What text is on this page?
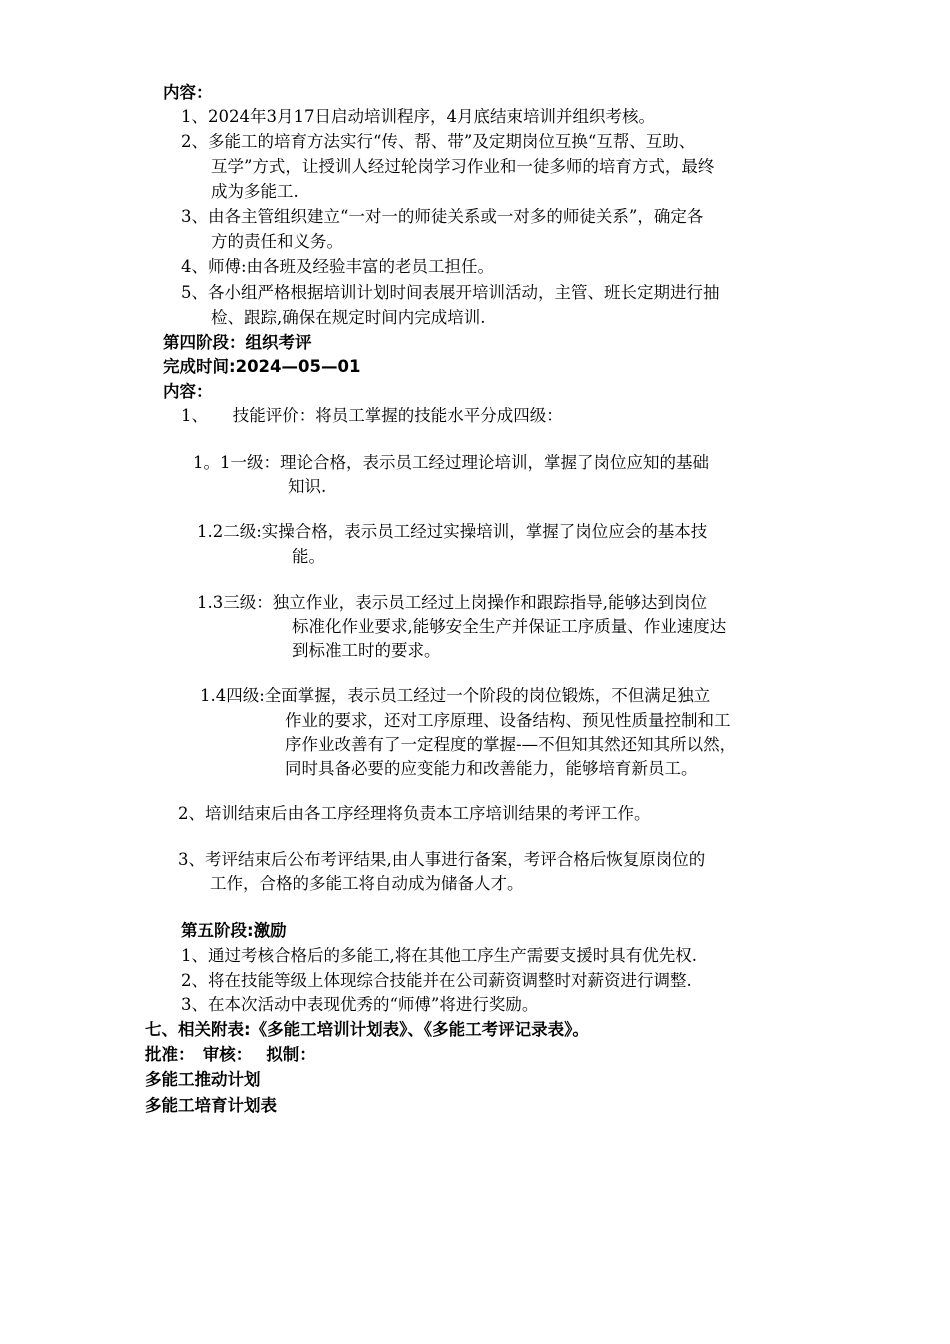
内容：
1、2024年3月17日启动培训程序，4月底结束培训并组织考核。
2、多能工的培育方法实行“传、帮、带”及定期岗位互换“互帮、互助、
互学”方式，让授训人经过轮岗学习作业和一徒多师的培育方式，最终
成为多能工.
3、由各主管组织建立“一对一的师徒关系或一对多的师徒关系”，确定各
方的责任和义务。
4、师傅:由各班及经验丰富的老员工担任。
5、各小组严格根据培训计划时间表展开培训活动，主管、班长定期进行抽
检、跟踪,确保在规定时间内完成培训.
第四阶段：组织考评
完成时间:2024—05—01
内容：
1、　　技能评价：将员工掌握的技能水平分成四级：
1。1一级：理论合格，表示员工经过理论培训，掌握了岗位应知的基础
知识.
1.2二级:实操合格，表示员工经过实操培训，掌握了岗位应会的基本技
能。
1.3三级：独立作业，表示员工经过上岗操作和跟踪指导,能够达到岗位
标准化作业要求,能够安全生产并保证工序质量、作业速度达
到标准工时的要求。
1.4四级:全面掌握，表示员工经过一个阶段的岗位锻炼，不但满足独立
作业的要求，还对工序原理、设备结构、预见性质量控制和工
序作业改善有了一定程度的掌握-—不但知其然还知其所以然，
同时具备必要的应变能力和改善能力，能够培育新员工。
2、培训结束后由各工序经理将负责本工序培训结果的考评工作。
3、考评结束后公布考评结果,由人事进行备案，考评合格后恢复原岗位的
工作，合格的多能工将自动成为储备人才。
第五阶段:激励
1、通过考核合格后的多能工,将在其他工序生产需要支援时具有优先权.
2、将在技能等级上体现综合技能并在公司薪资调整时对薪资进行调整.
3、在本次活动中表现优秀的“师傅”将进行奖励。
七、相关附表:《多能工培训计划表》、《多能工考评记录表》。
批准：　审核：　 拟制：
多能工推动计划
多能工培育计划表
